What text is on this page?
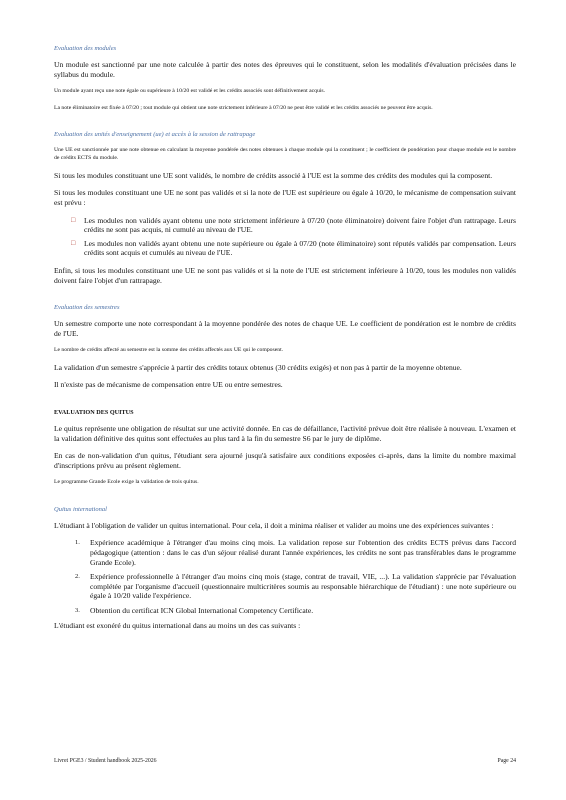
Evaluation des modules
Un module est sanctionné par une note calculée à partir des notes des épreuves qui le constituent, selon les modalités d'évaluation précisées dans le syllabus du module.
Un module ayant reçu une note égale ou supérieure à 10/20 est validé et les crédits associés sont définitivement acquis.
La note éliminatoire est fixée à 07/20 ; tout module qui obtient une note strictement inférieure à 07/20 ne peut être validé et les crédits associés ne peuvent être acquis.
Evaluation des unités d'enseignement (ue) et accès à la session de rattrapage
Une UE est sanctionnée par une note obtenue en calculant la moyenne pondérée des notes obtenues à chaque module qui la constituent ; le coefficient de pondération pour chaque module est le nombre de crédits ECTS du module.
Si tous les modules constituant une UE sont validés, le nombre de crédits associé à l'UE est la somme des crédits des modules qui la composent.
Si tous les modules constituant une UE ne sont pas validés et si la note de l'UE est supérieure ou égale à 10/20, le mécanisme de compensation suivant est prévu :
□ Les modules non validés ayant obtenu une note strictement inférieure à 07/20 (note éliminatoire) doivent faire l'objet d'un rattrapage. Leurs crédits ne sont pas acquis, ni cumulé au niveau de l'UE.
□ Les modules non validés ayant obtenu une note supérieure ou égale à 07/20 (note éliminatoire) sont réputés validés par compensation. Leurs crédits sont acquis et cumulés au niveau de l'UE.
Enfin, si tous les modules constituant une UE ne sont pas validés et si la note de l'UE est strictement inférieure à 10/20, tous les modules non validés doivent faire l'objet d'un rattrapage.
Evaluation des semestres
Un semestre comporte une note correspondant à la moyenne pondérée des notes de chaque UE. Le coefficient de pondération est le nombre de crédits de l'UE.
Le nombre de crédits affecté au semestre est la somme des crédits affectés aux UE qui le composent.
La validation d'un semestre s'apprécie à partir des crédits totaux obtenus (30 crédits exigés) et non pas à partir de la moyenne obtenue.
Il n'existe pas de mécanisme de compensation entre UE ou entre semestres.
EVALUATION DES QUITUS
Le quitus représente une obligation de résultat sur une activité donnée. En cas de défaillance, l'activité prévue doit être réalisée à nouveau. L'examen et la validation définitive des quitus sont effectuées au plus tard à la fin du semestre S6 par le jury de diplôme.
En cas de non-validation d'un quitus, l'étudiant sera ajourné jusqu'à satisfaire aux conditions exposées ci-après, dans la limite du nombre maximal d'inscriptions prévu au présent règlement.
Le programme Grande Ecole exige la validation de trois quitus.
Quitus international
L'étudiant à l'obligation de valider un quitus international. Pour cela, il doit a minima réaliser et valider au moins une des expériences suivantes :
1. Expérience académique à l'étranger d'au moins cinq mois. La validation repose sur l'obtention des crédits ECTS prévus dans l'accord pédagogique (attention : dans le cas d'un séjour réalisé durant l'année expériences, les crédits ne sont pas transférables dans le programme Grande Ecole).
2. Expérience professionnelle à l'étranger d'au moins cinq mois (stage, contrat de travail, VIE, ...). La validation s'apprécie par l'évaluation complétée par l'organisme d'accueil (questionnaire multicritères soumis au responsable hiérarchique de l'étudiant) : une note supérieure ou égale à 10/20 valide l'expérience.
3. Obtention du certificat ICN Global International Competency Certificate.
L'étudiant est exonéré du quitus international dans au moins un des cas suivants :
Livret PGE3 / Student handbook 2025-2026	Page 24
